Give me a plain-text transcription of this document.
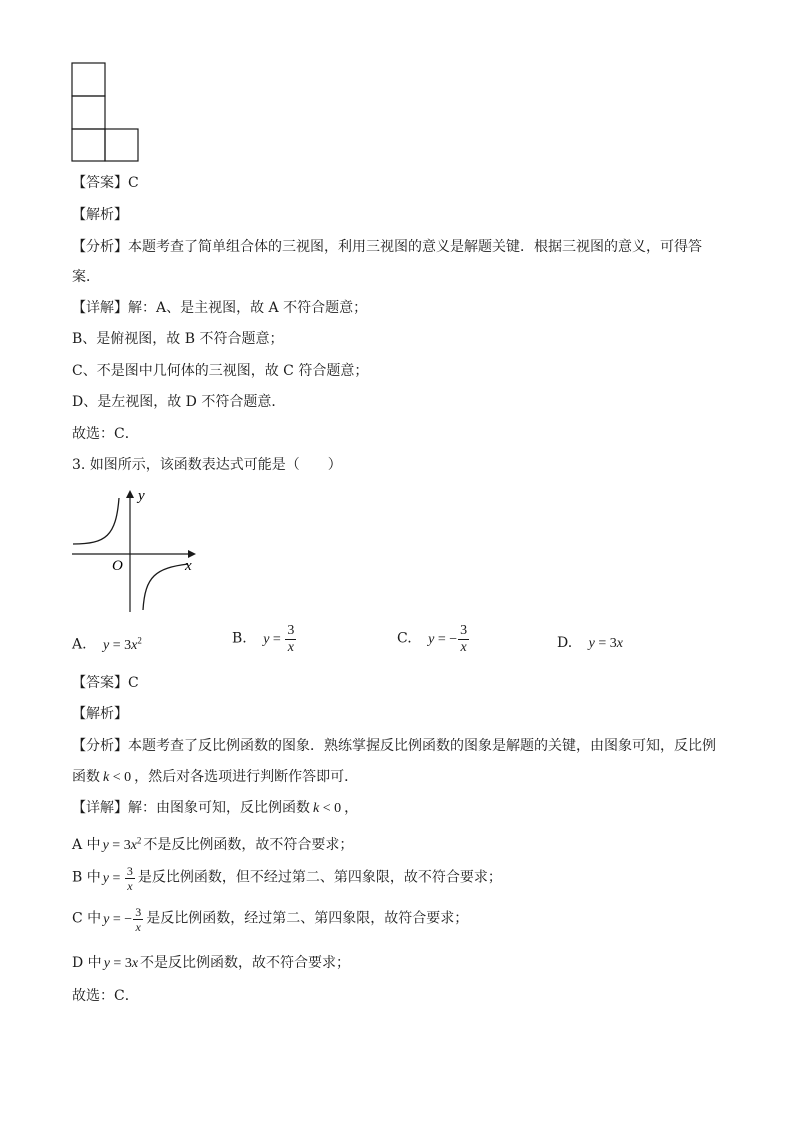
【答案】C
【解析】
【分析】本题考查了简单组合体的三视图，利用三视图的意义是解题关键．根据三视图的意义，可得答
案．
【详解】解：A、是主视图，故 A 不符合题意；
B、是俯视图，故 B 不符合题意；
C、不是图中几何体的三视图，故 C 符合题意；
D、是左视图，故 D 不符合题意．
故选：C．
3. 如图所示，该函数表达式可能是（　　）
y
x
O
A. $y = 3x^2$	B. $y = \frac{3}{x}$	C. y = − $\frac{3}{x}$	D. y = 3x
【答案】C
【解析】
【分析】本题考查了反比例函数的图象．熟练掌握反比例函数的图象是解题的关键，由图象可知，反比例
函数 k < 0 ，然后对各选项进行判断作答即可．
【详解】解：由图象可知，反比例函数 k < 0 ，
A 中 $y = 3x^2$ 不是反比例函数，故不符合要求；
B 中 $y = \frac{3}{x}$ 是反比例函数，但不经过第二、第四象限，故不符合要求；
C 中 y = − $\frac{3}{x}$ 是反比例函数，经过第二、第四象限，故符合要求；
D 中 y = 3x 不是反比例函数，故不符合要求；
故选：C．
